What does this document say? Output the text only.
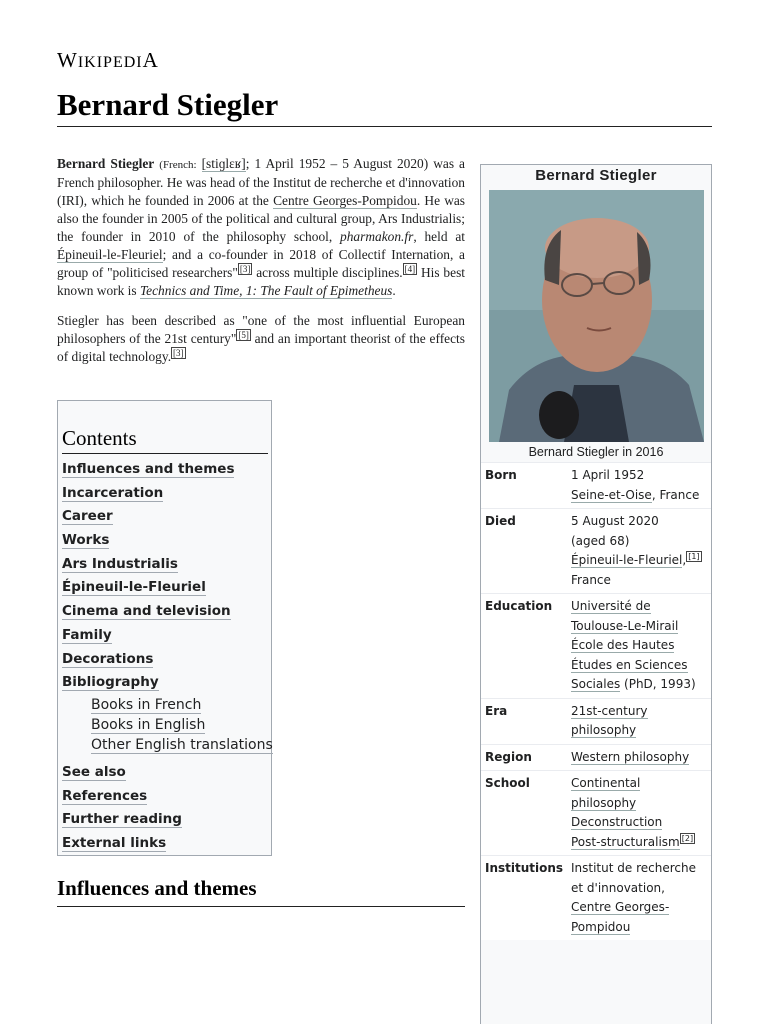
WIKIPEDIA
Bernard Stiegler

Bernard Stiegler (French: [stiɡlɛʁ]; 1 April 1952 – 5 August 2020) was a French philosopher. He was head of the Institut de recherche et d'innovation (IRI), which he founded in 2006 at the Centre Georges-Pompidou. He was also the founder in 2005 of the political and cultural group, Ars Industrialis; the founder in 2010 of the philosophy school, pharmakon.fr, held at Épineuil-le-Fleuriel; and a co-founder in 2018 of Collectif Internation, a group of "politicised researchers" [3] across multiple disciplines. [4] His best known work is Technics and Time, 1: The Fault of Epimetheus.

Stiegler has been described as "one of the most influential European philosophers of the 21st century" [5] and an important theorist of the effects of digital technology. [3]

Contents
Influences and themes
Incarceration
Career
Works
Ars Industrialis
Épineuil-le-Fleuriel
Cinema and television
Family
Decorations
Bibliography
Books in French
Books in English
Other English translations
See also
References
Further reading
External links
Influences and themes
Bernard Stiegler
Bernard Stiegler in 2016
Born	1 April 1952
Seine-et-Oise, France
Died	5 August 2020
(aged 68)
Épineuil-le-Fleuriel, [1]
France
Education	Université de Toulouse-Le-Mirail
École des Hautes Études en Sciences Sociales (PhD, 1993)
Era	21st-century philosophy
Region	Western philosophy
School	Continental philosophy
Deconstruction
Post-structuralism [2]
Institutions Institut de recherche et d'innovation,
Centre Georges-Pompidou
